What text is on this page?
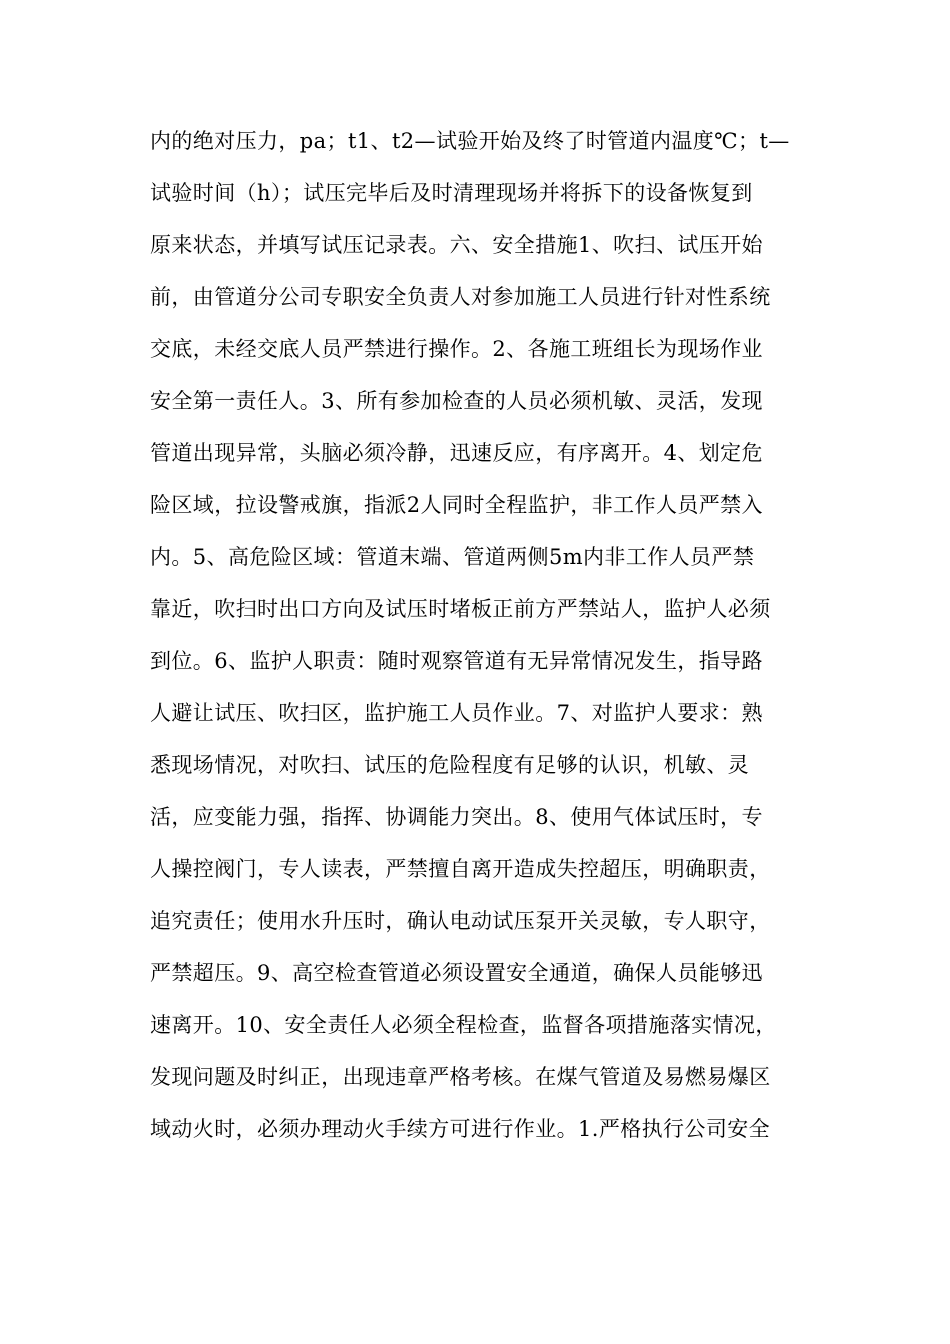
内的绝对压力，pa；t1、t2—试验开始及终了时管道内温度℃；t—
试验时间（h）；试压完毕后及时清理现场并将拆下的设备恢复到
原来状态，并填写试压记录表。六、安全措施1、吹扫、试压开始
前，由管道分公司专职安全负责人对参加施工人员进行针对性系统
交底，未经交底人员严禁进行操作。2、各施工班组长为现场作业
安全第一责任人。3、所有参加检查的人员必须机敏、灵活，发现
管道出现异常，头脑必须冷静，迅速反应，有序离开。4、划定危
险区域，拉设警戒旗，指派2人同时全程监护，非工作人员严禁入
内。5、高危险区域：管道末端、管道两侧5m内非工作人员严禁
靠近，吹扫时出口方向及试压时堵板正前方严禁站人，监护人必须
到位。6、监护人职责：随时观察管道有无异常情况发生，指导路
人避让试压、吹扫区，监护施工人员作业。7、对监护人要求：熟
悉现场情况，对吹扫、试压的危险程度有足够的认识，机敏、灵
活，应变能力强，指挥、协调能力突出。8、使用气体试压时，专
人操控阀门，专人读表，严禁擅自离开造成失控超压，明确职责，
追究责任；使用水升压时，确认电动试压泵开关灵敏，专人职守，
严禁超压。9、高空检查管道必须设置安全通道，确保人员能够迅
速离开。10、安全责任人必须全程检查，监督各项措施落实情况，
发现问题及时纠正，出现违章严格考核。在煤气管道及易燃易爆区
域动火时，必须办理动火手续方可进行作业。1.严格执行公司安全
